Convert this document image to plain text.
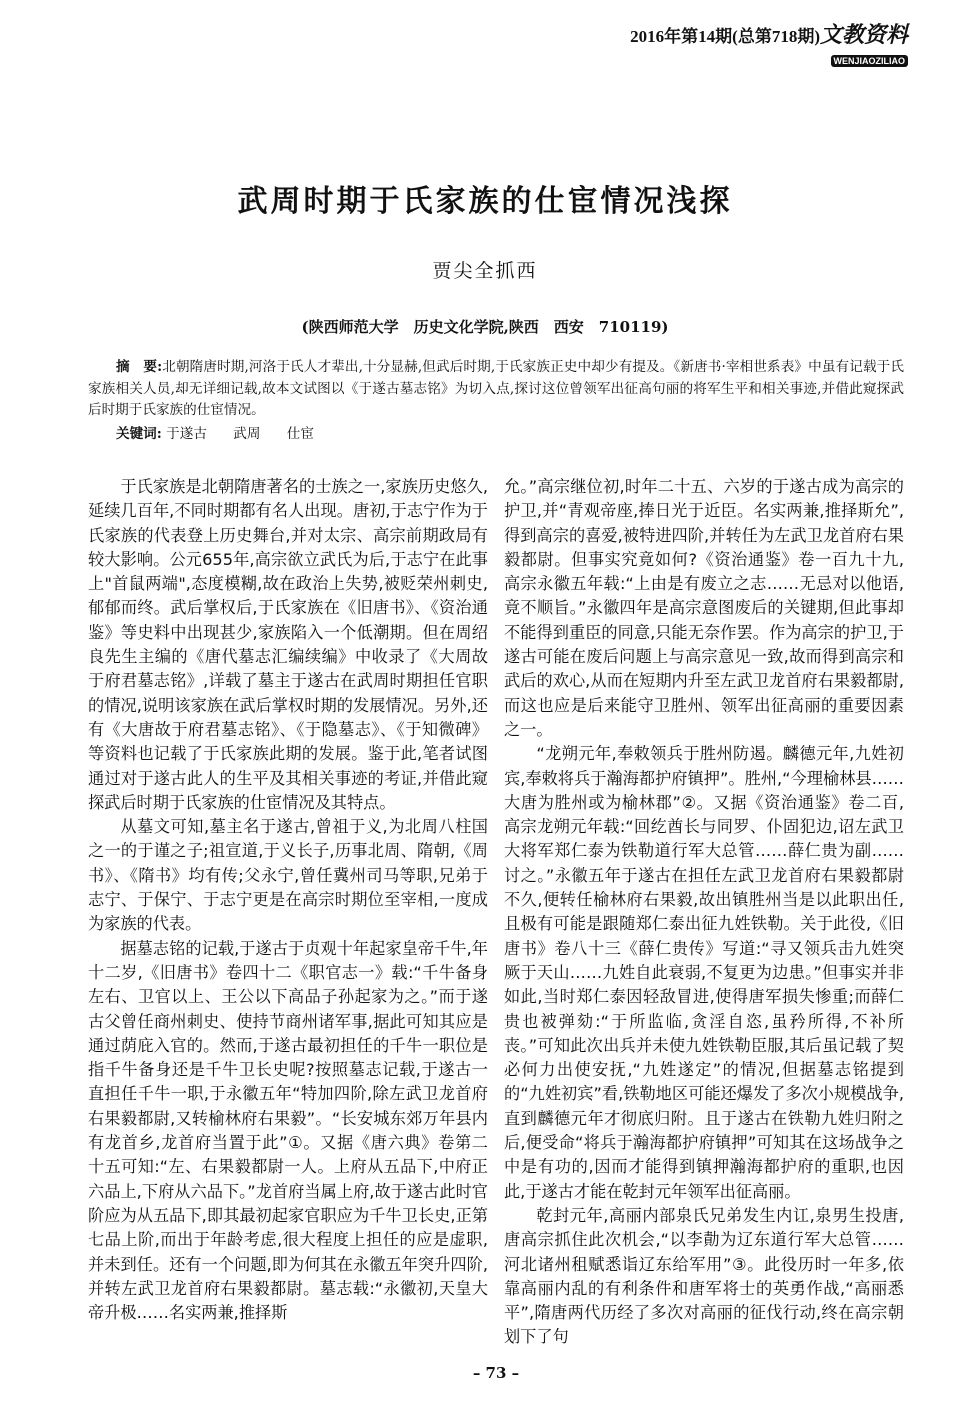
2016年第14期(总第718期)文教资料
WENJIAOZILIAO
武周时期于氏家族的仕宦情况浅探
贾尖全抓西
(陕西师范大学　历史文化学院,陕西　西安　710119)
摘　要:北朝隋唐时期,河洛于氏人才辈出,十分显赫,但武后时期,于氏家族正史中却少有提及。《新唐书·宰相世系表》中虽有记载于氏家族相关人员,却无详细记载,故本文试图以《于遂古墓志铭》为切入点,探讨这位曾领军出征高句丽的将军生平和相关事迹,并借此窥探武后时期于氏家族的仕宦情况。
关键词: 于遂古 武周 仕宦

于氏家族是北朝隋唐著名的士族之一,家族历史悠久,延续几百年,不同时期都有名人出现。唐初,于志宁作为于氏家族的代表登上历史舞台,并对太宗、高宗前期政局有较大影响。公元655年,高宗欲立武氏为后,于志宁在此事上"首鼠两端",态度模糊,故在政治上失势,被贬荣州刺史,郁郁而终。武后掌权后,于氏家族在《旧唐书》、《资治通鉴》等史料中出现甚少,家族陷入一个低潮期。但在周绍良先生主编的《唐代墓志汇编续编》中收录了《大周故于府君墓志铭》,详载了墓主于遂古在武周时期担任官职的情况,说明该家族在武后掌权时期的发展情况。另外,还有《大唐故于府君墓志铭》、《于隐墓志》、《于知微碑》等资料也记载了于氏家族此期的发展。鉴于此,笔者试图通过对于遂古此人的生平及其相关事迹的考证,并借此窥探武后时期于氏家族的仕宦情况及其特点。

从墓文可知,墓主名于遂古,曾祖于义,为北周八柱国之一的于谨之子;祖宣道,于义长子,历事北周、隋朝,《周书》、《隋书》均有传;父永宁,曾任冀州司马等职,兄弟于志宁、于保宁、于志宁更是在高宗时期位至宰相,一度成为家族的代表。

据墓志铭的记载,于遂古于贞观十年起家皇帝千牛,年十二岁,《旧唐书》卷四十二《职官志一》载:“千牛备身左右、卫官以上、王公以下高品子孙起家为之。”而于遂古父曾任商州刺史、使持节商州诸军事,据此可知其应是通过荫庇入官的。然而,于遂古最初担任的千牛一职位是指千牛备身还是千牛卫长史呢?按照墓志记载,于遂古一直担任千牛一职,于永徽五年“特加四阶,除左武卫龙首府右果毅都尉,又转榆林府右果毅”。“长安城东郊万年县内有龙首乡,龙首府当置于此”①。又据《唐六典》卷第二十五可知:“左、右果毅都尉一人。上府从五品下,中府正六品上,下府从六品下。”龙首府当属上府,故于遂古此时官阶应为从五品下,即其最初起家官职应为千牛卫长史,正第七品上阶,而出于年龄考虑,很大程度上担任的应是虚职,并未到任。还有一个问题,即为何其在永徽五年突升四阶,并转左武卫龙首府右果毅都尉。墓志载:“永徽初,天皇大帝升极……名实两兼,推择斯

允。”高宗继位初,时年二十五、六岁的于遂古成为高宗的护卫,并“青观帝座,捧日光于近臣。名实两兼,推择斯允”,得到高宗的喜爱,被特进四阶,并转任为左武卫龙首府右果毅都尉。但事实究竟如何?《资治通鉴》卷一百九十九,高宗永徽五年载:“上由是有废立之志……无忌对以他语,竟不顺旨。”永徽四年是高宗意图废后的关键期,但此事却不能得到重臣的同意,只能无奈作罢。作为高宗的护卫,于遂古可能在废后问题上与高宗意见一致,故而得到高宗和武后的欢心,从而在短期内升至左武卫龙首府右果毅都尉,而这也应是后来能守卫胜州、领军出征高丽的重要因素之一。

“龙朔元年,奉敕领兵于胜州防遏。麟德元年,九姓初宾,奉敕将兵于瀚海都护府镇押”。胜州,“今理榆林县……大唐为胜州或为榆林郡”②。又据《资治通鉴》卷二百,高宗龙朔元年载:“回纥酋长与同罗、仆固犯边,诏左武卫大将军郑仁泰为铁勒道行军大总管……薛仁贵为副……讨之。”永徽五年于遂古在担任左武卫龙首府右果毅都尉不久,便转任榆林府右果毅,故出镇胜州当是以此职出任,且极有可能是跟随郑仁泰出征九姓铁勒。关于此役,《旧唐书》卷八十三《薛仁贵传》写道:“寻又领兵击九姓突厥于天山……九姓自此衰弱,不复更为边患。”但事实并非如此,当时郑仁泰因轻敌冒进,使得唐军损失惨重;而薛仁贵也被弹劾:“于所监临,贪淫自恣,虽矜所得,不补所丧。”可知此次出兵并未使九姓铁勒臣服,其后虽记载了契必何力出使安抚,“九姓遂定”的情况,但据墓志铭提到的“九姓初宾”看,铁勒地区可能还爆发了多次小规模战争,直到麟德元年才彻底归附。且于遂古在铁勒九姓归附之后,便受命“将兵于瀚海都护府镇押”可知其在这场战争之中是有功的,因而才能得到镇押瀚海都护府的重职,也因此,于遂古才能在乾封元年领军出征高丽。

乾封元年,高丽内部泉氏兄弟发生内讧,泉男生投唐,唐高宗抓住此次机会,“以李勣为辽东道行军大总管……河北诸州租赋悉诣辽东给军用”③。此役历时一年多,依靠高丽内乱的有利条件和唐军将士的英勇作战,“高丽悉平”,隋唐两代历经了多次对高丽的征伐行动,终在高宗朝划下了句

– 73 –
